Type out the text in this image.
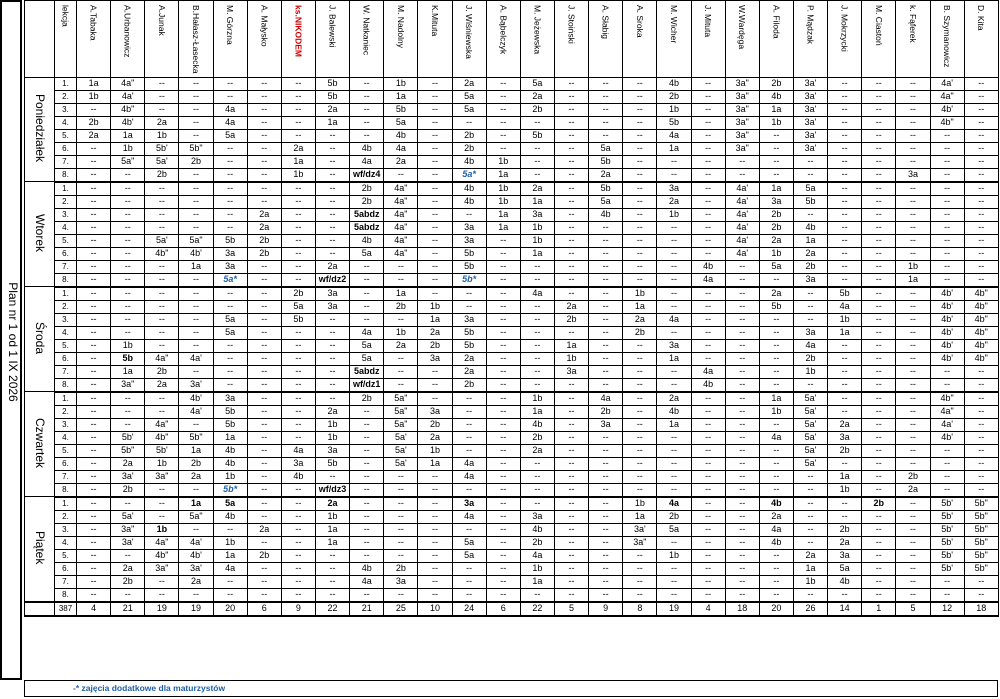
Plan nr 1 od 1 IX 2026
	lekcja	A.Tabaka	A.Urbanowicz	A.Junak	B.Hałasz-Łasecka	M. Górzna	A. Małysko	ks.NIKODEM	J. Balewski	W. Natkaniec	M. Nadolny	K.Mituta	J. Wiśniewska	A. Bąbelczyk	M. Jeżewska	J. Stoiński	A. Słabig	A. Sroka	M. Wicher	J. Mituta	W.Wardęga	A. Filoda	P. Mądzak	J. Mokrzycki	M. Ciastoń	k. Fąferek	B. Szymanowicz	D. Kita
Poniedziałek	1.	1a	4a"	--	--	--	--	--	5b	--	1b	--	2a	--	5a	--	--	--	4b	--	3a"	2b	3a'	--	--	--	4a'	--
	2.	1b	4a'	--	--	--	--	--	5b	--	1a	--	5a	--	2a	--	--	--	2b	--	3a"	4b	3a'	--	--	--	4a"	--
	3.	--	4b"	--	--	4a	--	--	2a	--	5b	--	5a	--	2b	--	--	--	1b	--	3a"	1a	3a'	--	--	--	4b'	--
	4.	2b	4b'	2a	--	4a	--	--	1a	--	5a	--	--	--	--	--	--	--	5b	--	3a"	1b	3a'	--	--	--	4b"	--
	5.	2a	1a	1b	--	5a	--	--	--	--	4b	--	2b	--	5b	--	--	--	4a	--	3a"	--	3a'	--	--	--	--	--
	6.	--	1b	5b'	5b"	--	--	2a	--	4b	4a	--	2b	--	--	--	5a	--	1a	--	3a"	--	3a'	--	--	--	--	--
	7.	--	5a"	5a'	2b	--	--	1a	--	4a	2a	--	4b	1b	--	--	5b	--	--	--	--	--	--	--	--	--	--	--
	8.	--	--	2b	--	--	--	1b	--	wf/dz4	--	--	5a*	1a	--	--	2a	--	--	--	--	--	--	--	--	3a	--	--
Wtorek	1.	--	--	--	--	--	--	--	--	2b	4a"	--	4b	1b	2a	--	5b	--	3a	--	4a'	1a	5a	--	--	--	--	--
	2.	--	--	--	--	--	--	--	--	2b	4a"	--	4b	1b	1a	--	5a	--	2a	--	4a'	3a	5b	--	--	--	--	--
	3.	--	--	--	--	--	2a	--	--	5abdz	4a"	--	--	1a	3a	--	4b	--	1b	--	4a'	2b	--	--	--	--	--	--
	4.	--	--	--	--	--	2a	--	--	5abdz	4a"	--	3a	1a	1b	--	--	--	--	--	4a'	2b	4b	--	--	--	--	--
	5.	--	--	5a'	5a"	5b	2b	--	--	4b	4a"	--	3a	--	1b	--	--	--	--	--	4a'	2a	1a	--	--	--	--	--
	6.	--	--	4b"	4b'	3a	2b	--	--	5a	4a"	--	5b	--	1a	--	--	--	--	--	4a'	1b	2a	--	--	--	--	--
	7.	--	--	--	1a	3a	--	--	2a	--	--	--	5b	--	--	--	--	--	--	4b	--	5a	2b	--	--	1b	--	--
	8.	--	--	--	--	5a*	--	--	wf/dz2	--	--	--	5b*	--	--	--	--	--	--	4a	--	--	3a	--	--	1a	--	--
Środa	1.	--	--	--	--	--	--	2b	3a	--	1a	--	--	--	4a	--	--	1b	--	--	--	2a	--	5b	--	--	4b'	4b"
	2.	--	--	--	--	--	--	5a	3a	--	2b	1b	--	--	--	2a	--	1a	--	--	--	5b	--	4a	--	--	4b'	4b"
	3.	--	--	--	--	5a	--	5b	--	--	--	1a	3a	--	--	2b	--	2a	4a	--	--	--	--	1b	--	--	4b'	4b"
	4.	--	--	--	--	5a	--	--	--	4a	1b	2a	5b	--	--	--	--	2b	--	--	--	--	3a	1a	--	--	4b'	4b"
	5.	--	1b	--	--	--	--	--	--	5a	2a	2b	5b	--	--	1a	--	--	3a	--	--	--	4a	--	--	--	4b'	4b"
	6.	--	5b	4a"	4a'	--	--	--	--	5a	--	3a	2a	--	--	1b	--	--	1a	--	--	--	2b	--	--	--	4b'	4b"
	7.	--	1a	2b	--	--	--	--	--	5abdz	--	--	2a	--	--	3a	--	--	--	4a	--	--	1b	--	--	--	--	--
	8.	--	3a"	2a	3a'	--	--	--	--	wf/dz1	--	--	2b	--	--	--	--	--	--	4b	--	--	--	--	--	--	--	--
Czwartek	1.	--	--	--	4b'	3a	--	--	--	2b	5a"	--	--	--	1b	--	4a	--	2a	--	--	1a	5a'	--	--	--	4b"	--
	2.	--	--	--	4a'	5b	--	--	2a	--	5a"	3a	--	--	1a	--	2b	--	4b	--	--	1b	5a'	--	--	--	4a"	--
	3.	--	--	4a"	--	5b	--	--	1b	--	5a"	2b	--	--	4b	--	3a	--	1a	--	--	--	5a'	2a	--	--	4a'	--
	4.	--	5b'	4b"	5b"	1a	--	--	1b	--	5a'	2a	--	--	2b	--	--	--	--	--	--	4a	5a'	3a	--	--	4b'	--
	5.	--	5b"	5b'	1a	4b	--	4a	3a	--	5a'	1b	--	--	2a	--	--	--	--	--	--	--	5a'	2b	--	--	--	--
	6.	--	2a	1b	2b	4b	--	3a	5b	--	5a'	1a	4a	--	--	--	--	--	--	--	--	--	5a'	--	--	--	--	--
	7.	--	3a'	3a"	2a	1b	--	4b	--	--	--	--	4a	--	--	--	--	--	--	--	--	--	--	1a	--	2b	--	--
	8.	--	2b	--	--	5b*	--	--	wf/dz3	--	--	--	--	--	--	--	--	--	--	--	--	--	--	1b	--	2a	--	--
Piątek	1.	--	--	--	1a	5a	--	--	2a	--	--	--	3a	--	--	--	--	1b	4a	--	--	4b	--	--	2b	--	5b'	5b"
	2.	--	5a'	--	5a"	4b	--	--	1b	--	--	--	4a	--	3a	--	--	1a	2b	--	--	2a	--	--	--	--	5b'	5b"
	3.	--	3a"	1b	--	--	2a	--	1a	--	--	--	--	--	4b	--	--	3a'	5a	--	--	4a	--	2b	--	--	5b'	5b"
	4.	--	3a'	4a"	4a'	1b	--	--	1a	--	--	--	5a	--	2b	--	--	3a"	--	--	--	4b	--	2a	--	--	5b'	5b"
	5.	--	--	4b"	4b'	1a	2b	--	--	--	--	--	5a	--	4a	--	--	--	1b	--	--	--	2a	3a	--	--	5b'	5b"
	6.	--	2a	3a"	3a'	4a	--	--	--	4b	2b	--	--	--	1b	--	--	--	--	--	--	--	1a	5a	--	--	5b'	5b"
	7.	--	2b	--	2a	--	--	--	--	4a	3a	--	--	--	1a	--	--	--	--	--	--	--	1b	4b	--	--	--	--
	8.	--	--	--	--	--	--	--	--	--	--	--	--	--	--	--	--	--	--	--	--	--	--	--	--	--	--	--
	387	4	21	19	19	20	6	9	22	21	25	10	24	6	22	5	9	8	19	4	18	20	26	14	1	5	12	18
-* zajęcia dodatkowe dla maturzystów
